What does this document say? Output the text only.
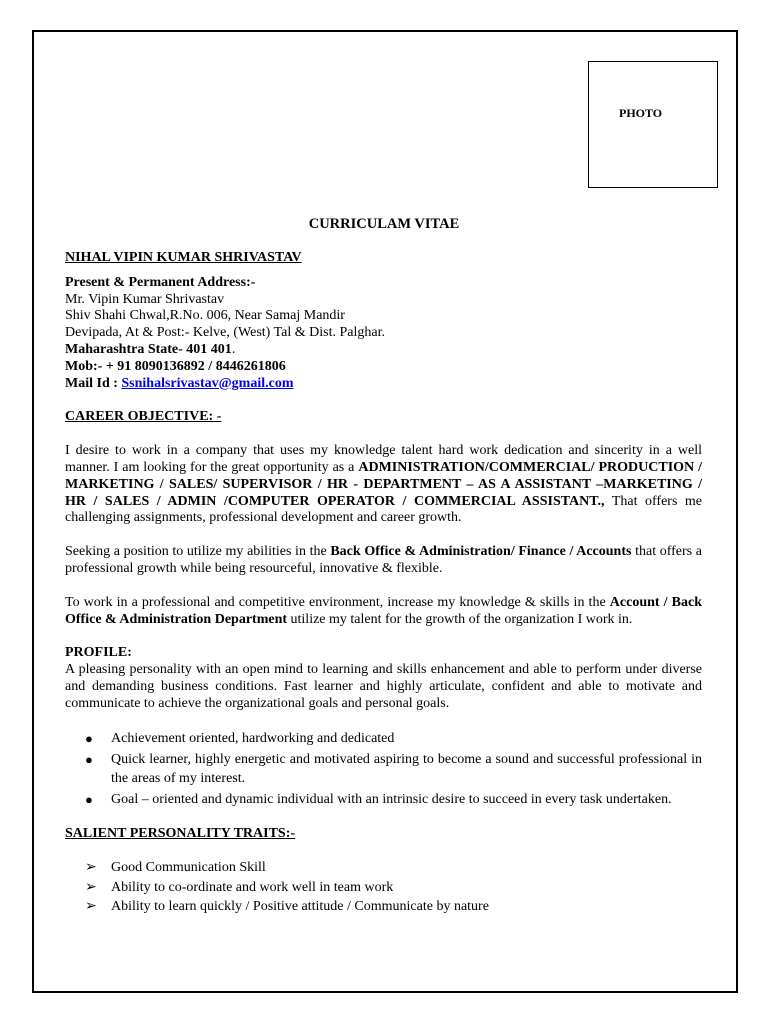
PHOTO
CURRICULAM VITAE
NIHAL VIPIN KUMAR SHRIVASTAV
Present & Permanent Address:-
Mr. Vipin Kumar Shrivastav
Shiv Shahi Chwal,R.No. 006, Near Samaj Mandir
Devipada, At & Post:- Kelve, (West) Tal & Dist. Palghar.
Maharashtra State- 401 401.
Mob:- + 91 8090136892 / 8446261806
Mail Id : Ssnihalsrivastav@gmail.com
CAREER OBJECTIVE: -
I desire to work in a company that uses my knowledge talent hard work dedication and sincerity in a well manner. I am looking for the great opportunity as a ADMINISTRATION/COMMERCIAL/ PRODUCTION / MARKETING / SALES/ SUPERVISOR / HR - DEPARTMENT – AS A ASSISTANT –MARKETING / HR / SALES / ADMIN /COMPUTER OPERATOR / COMMERCIAL ASSISTANT., That offers me challenging assignments, professional development and career growth.
Seeking a position to utilize my abilities in the Back Office & Administration/ Finance / Accounts that offers a professional growth while being resourceful, innovative & flexible.
To work in a professional and competitive environment, increase my knowledge & skills in the Account / Back Office & Administration Department utilize my talent for the growth of the organization I work in.
PROFILE:
A pleasing personality with an open mind to learning and skills enhancement and able to perform under diverse and demanding business conditions. Fast learner and highly articulate, confident and able to motivate and communicate to achieve the organizational goals and personal goals.
● Achievement oriented, hardworking and dedicated
● Quick learner, highly energetic and motivated aspiring to become a sound and successful professional in the areas of my interest.
● Goal – oriented and dynamic individual with an intrinsic desire to succeed in every task undertaken.
SALIENT PERSONALITY TRAITS:-
➢ Good Communication Skill
➢ Ability to co-ordinate and work well in team work
➢ Ability to learn quickly / Positive attitude / Communicate by nature
